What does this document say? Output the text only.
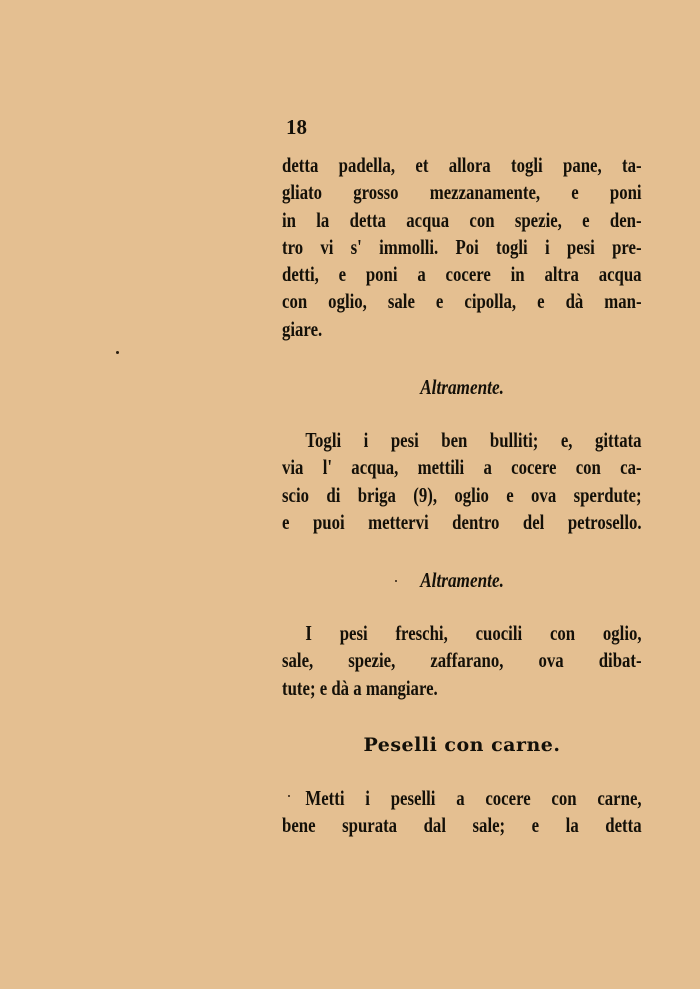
18
detta padella, et allora togli pane, ta-
gliato grosso mezzanamente, e poni
in la detta acqua con spezie, e den-
tro vi s' immolli. Poi togli i pesi pre-
detti, e poni a cocere in altra acqua
con oglio, sale e cipolla, e dà man-
giare.
Altramente.
Togli i pesi ben bulliti; e, gittata
via l' acqua, mettili a cocere con ca-
scio di briga (9), oglio e ova sperdute;
e puoi mettervi dentro del petrosello.
Altramente.
I pesi freschi, cuocili con oglio,
sale, spezie, zaffarano, ova dibat-
tute; e dà a mangiare.
Peselli con carne.
Metti i peselli a cocere con carne,
bene spurata dal sale; e la detta
